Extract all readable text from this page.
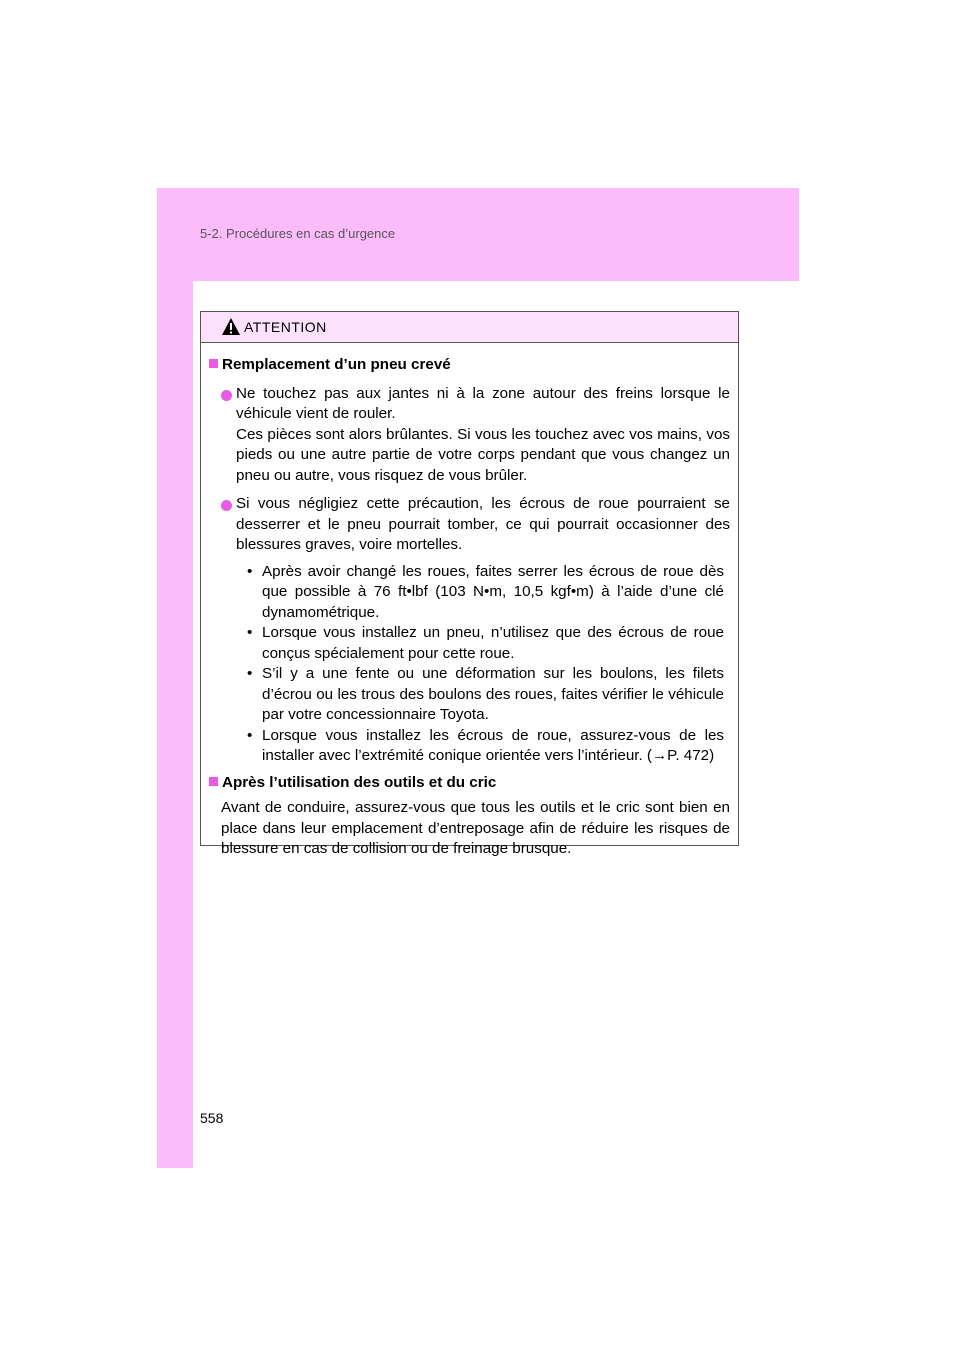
5-2. Procédures en cas d’urgence
ATTENTION
Remplacement d’un pneu crevé
Ne touchez pas aux jantes ni à la zone autour des freins lorsque le véhicule vient de rouler.
Ces pièces sont alors brûlantes. Si vous les touchez avec vos mains, vos pieds ou une autre partie de votre corps pendant que vous changez un pneu ou autre, vous risquez de vous brûler.
Si vous négligiez cette précaution, les écrous de roue pourraient se desserrer et le pneu pourrait tomber, ce qui pourrait occasionner des blessures graves, voire mortelles.
• Après avoir changé les roues, faites serrer les écrous de roue dès que possible à 76 ft•lbf (103 N•m, 10,5 kgf•m) à l’aide d’une clé dynamométrique.
• Lorsque vous installez un pneu, n’utilisez que des écrous de roue conçus spécialement pour cette roue.
• S’il y a une fente ou une déformation sur les boulons, les filets d’écrou ou les trous des boulons des roues, faites vérifier le véhicule par votre concessionnaire Toyota.
• Lorsque vous installez les écrous de roue, assurez-vous de les installer avec l’extrémité conique orientée vers l’intérieur. (→P. 472)
Après l’utilisation des outils et du cric
Avant de conduire, assurez-vous que tous les outils et le cric sont bien en place dans leur emplacement d’entreposage afin de réduire les risques de blessure en cas de collision ou de freinage brusque.
558
